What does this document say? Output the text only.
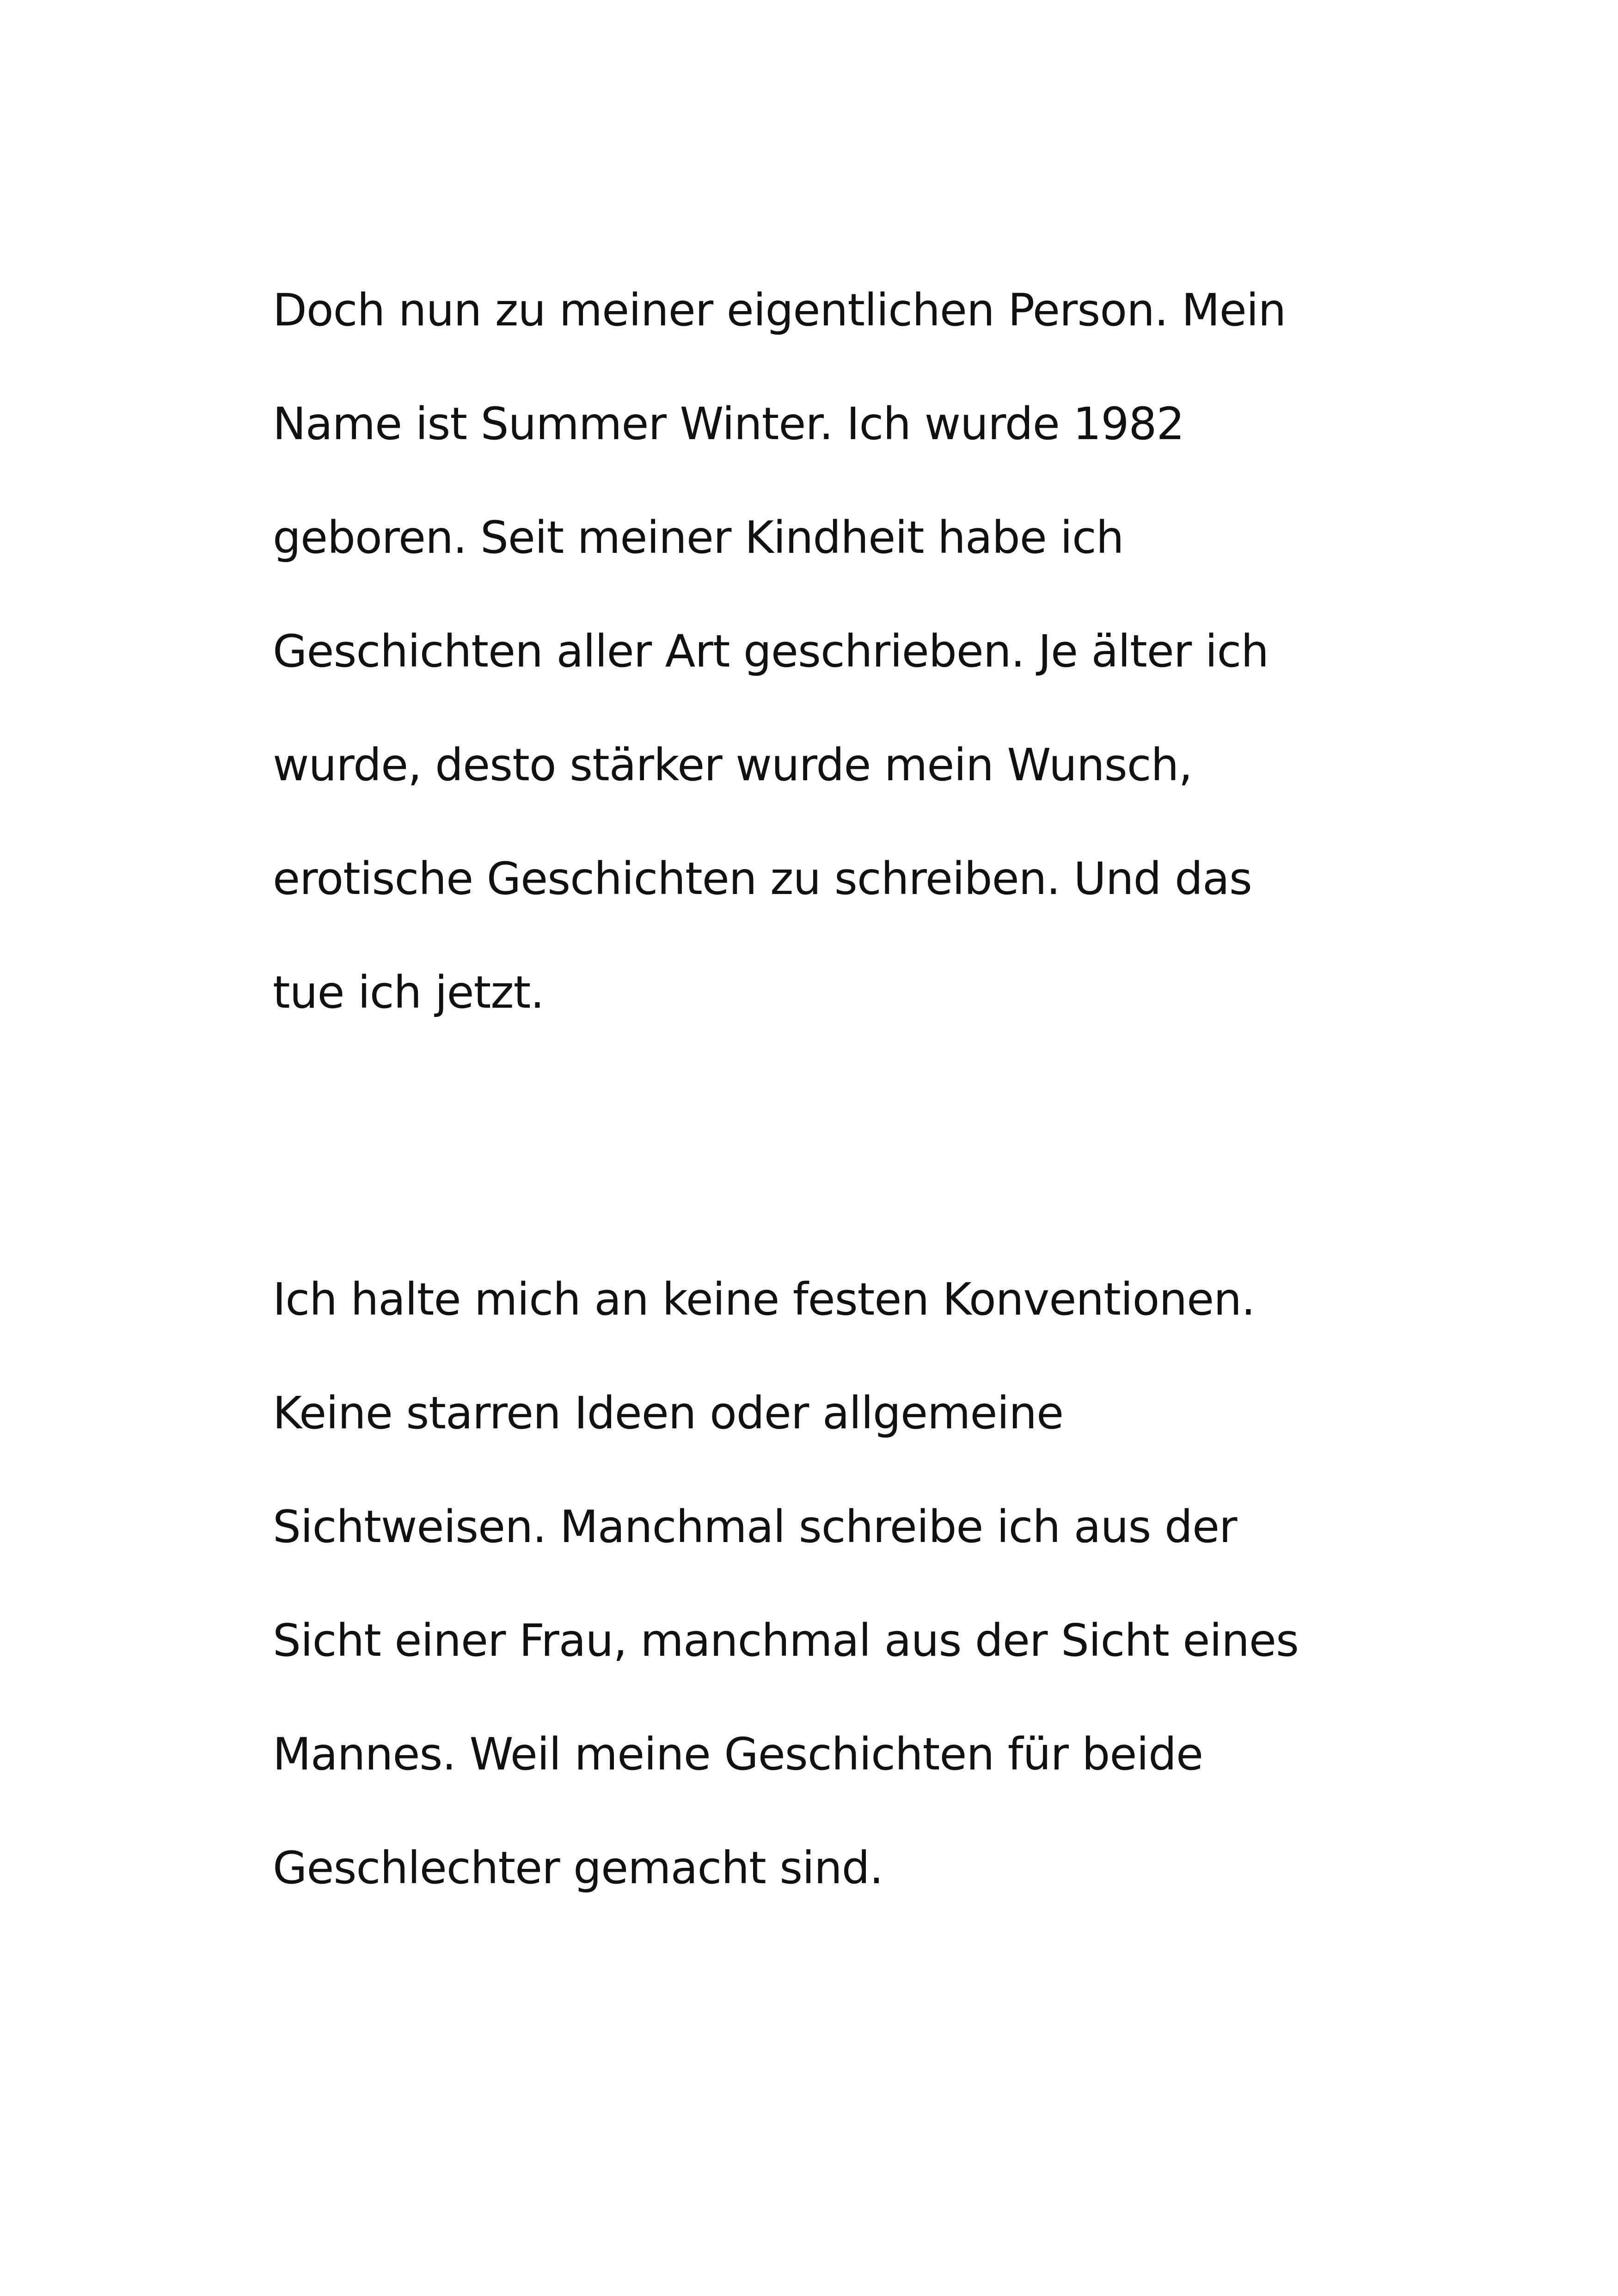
Doch nun zu meiner eigentlichen Person. Mein
Name ist Summer Winter. Ich wurde 1982
geboren. Seit meiner Kindheit habe ich
Geschichten aller Art geschrieben. Je älter ich
wurde, desto stärker wurde mein Wunsch,
erotische Geschichten zu schreiben. Und das
tue ich jetzt.

Ich halte mich an keine festen Konventionen.
Keine starren Ideen oder allgemeine
Sichtweisen. Manchmal schreibe ich aus der
Sicht einer Frau, manchmal aus der Sicht eines
Mannes. Weil meine Geschichten für beide
Geschlechter gemacht sind.
